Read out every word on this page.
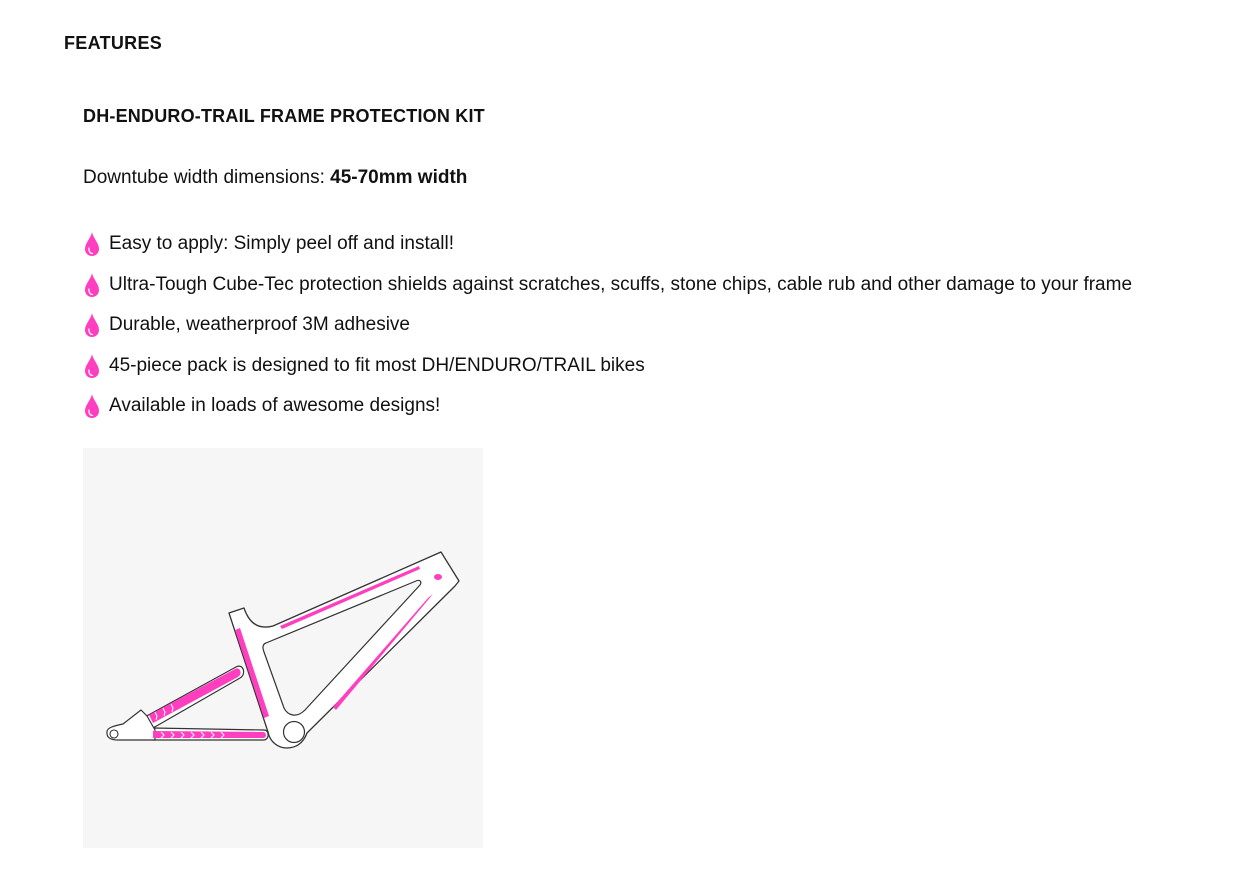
FEATURES
DH-ENDURO-TRAIL FRAME PROTECTION KIT
Downtube width dimensions: 45-70mm width
Easy to apply: Simply peel off and install!
Ultra-Tough Cube-Tec protection shields against scratches, scuffs, stone chips, cable rub and other damage to your frame
Durable, weatherproof 3M adhesive
45-piece pack is designed to fit most DH/ENDURO/TRAIL bikes
Available in loads of awesome designs!
